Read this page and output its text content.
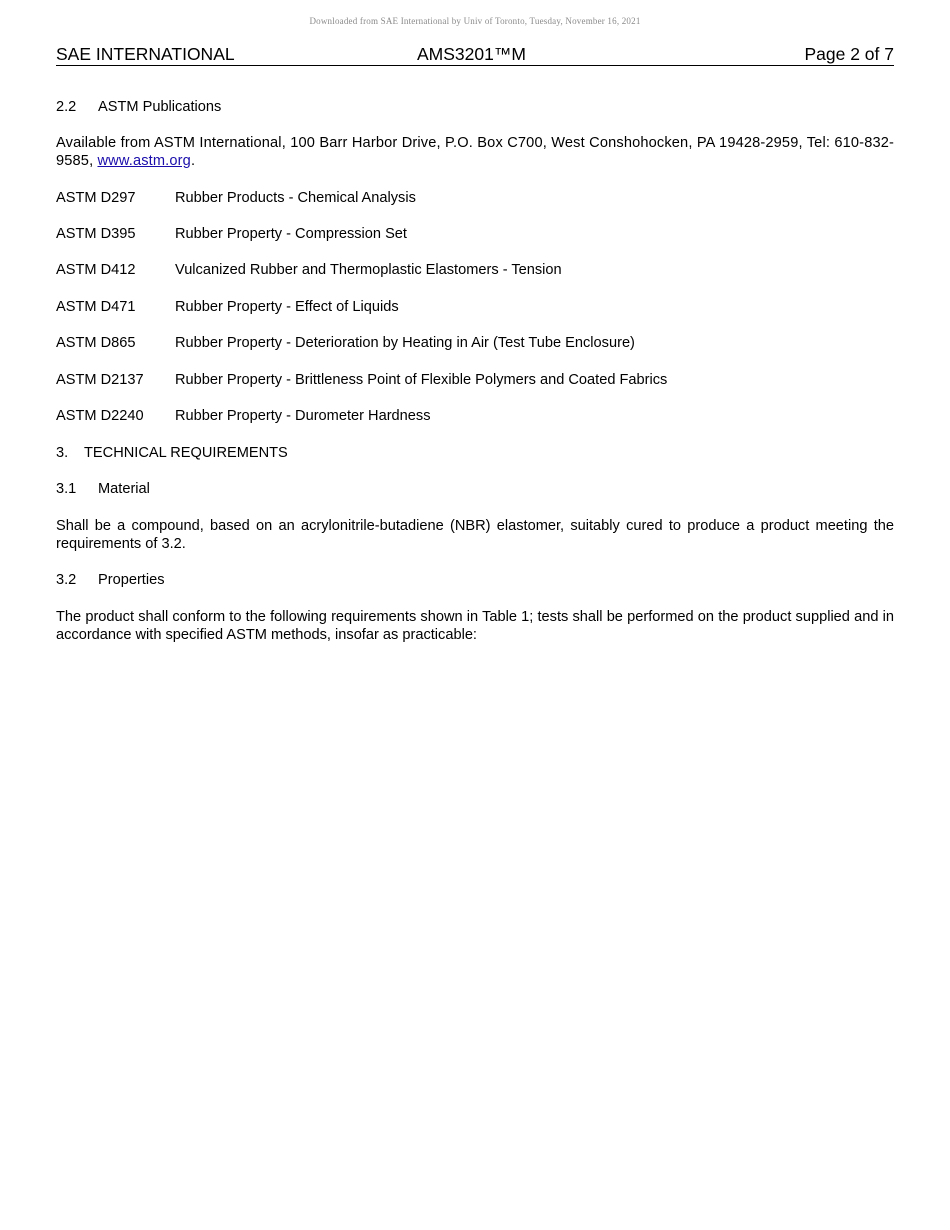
Downloaded from SAE International by Univ of Toronto, Tuesday, November 16, 2021
SAE INTERNATIONAL	AMS3201™M	Page 2 of 7
2.2 ASTM Publications
Available from ASTM International, 100 Barr Harbor Drive, P.O. Box C700, West Conshohocken, PA 19428-2959, Tel: 610-832-9585, www.astm.org.
ASTM D297	Rubber Products - Chemical Analysis
ASTM D395	Rubber Property - Compression Set
ASTM D412	Vulcanized Rubber and Thermoplastic Elastomers - Tension
ASTM D471	Rubber Property - Effect of Liquids
ASTM D865	Rubber Property - Deterioration by Heating in Air (Test Tube Enclosure)
ASTM D2137 Rubber Property - Brittleness Point of Flexible Polymers and Coated Fabrics
ASTM D2240 Rubber Property - Durometer Hardness
3. TECHNICAL REQUIREMENTS
3.1 Material
Shall be a compound, based on an acrylonitrile-butadiene (NBR) elastomer, suitably cured to produce a product meeting the requirements of 3.2.
3.2 Properties
The product shall conform to the following requirements shown in Table 1; tests shall be performed on the product supplied and in accordance with specified ASTM methods, insofar as practicable:
